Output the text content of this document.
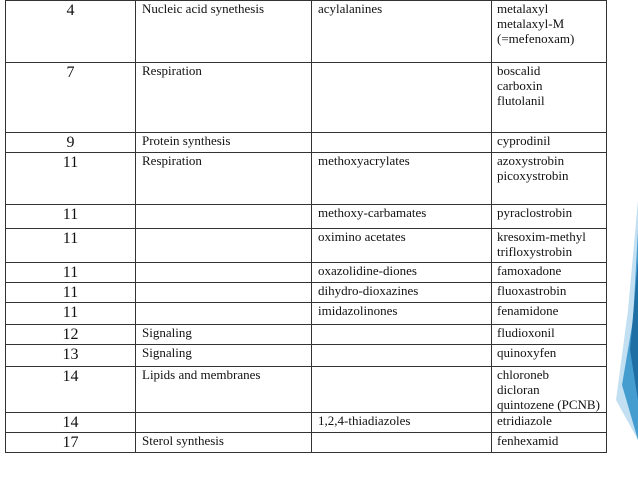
4	Nucleic acid synethesis	acylalanines	metalaxyl
metalaxyl-M
(=mefenoxam)

7	Respiration		boscalid
carboxin
flutolanil

9	Protein synthesis		cyprodinil

11	Respiration	methoxyacrylates	azoxystrobin
picoxystrobin

11		methoxy-carbamates	pyraclostrobin

11		oximino acetates	kresoxim-methyl
trifloxystrobin

11		oxazolidine-diones	famoxadone

11		dihydro-dioxazines	fluoxastrobin

11		imidazolinones	fenamidone

12	Signaling		fludioxonil

13	Signaling		quinoxyfen

14	Lipids and membranes		chloroneb
dicloran
quintozene (PCNB)

14		1,2,4-thiadiazoles	etridiazole

17	Sterol synthesis		fenhexamid
